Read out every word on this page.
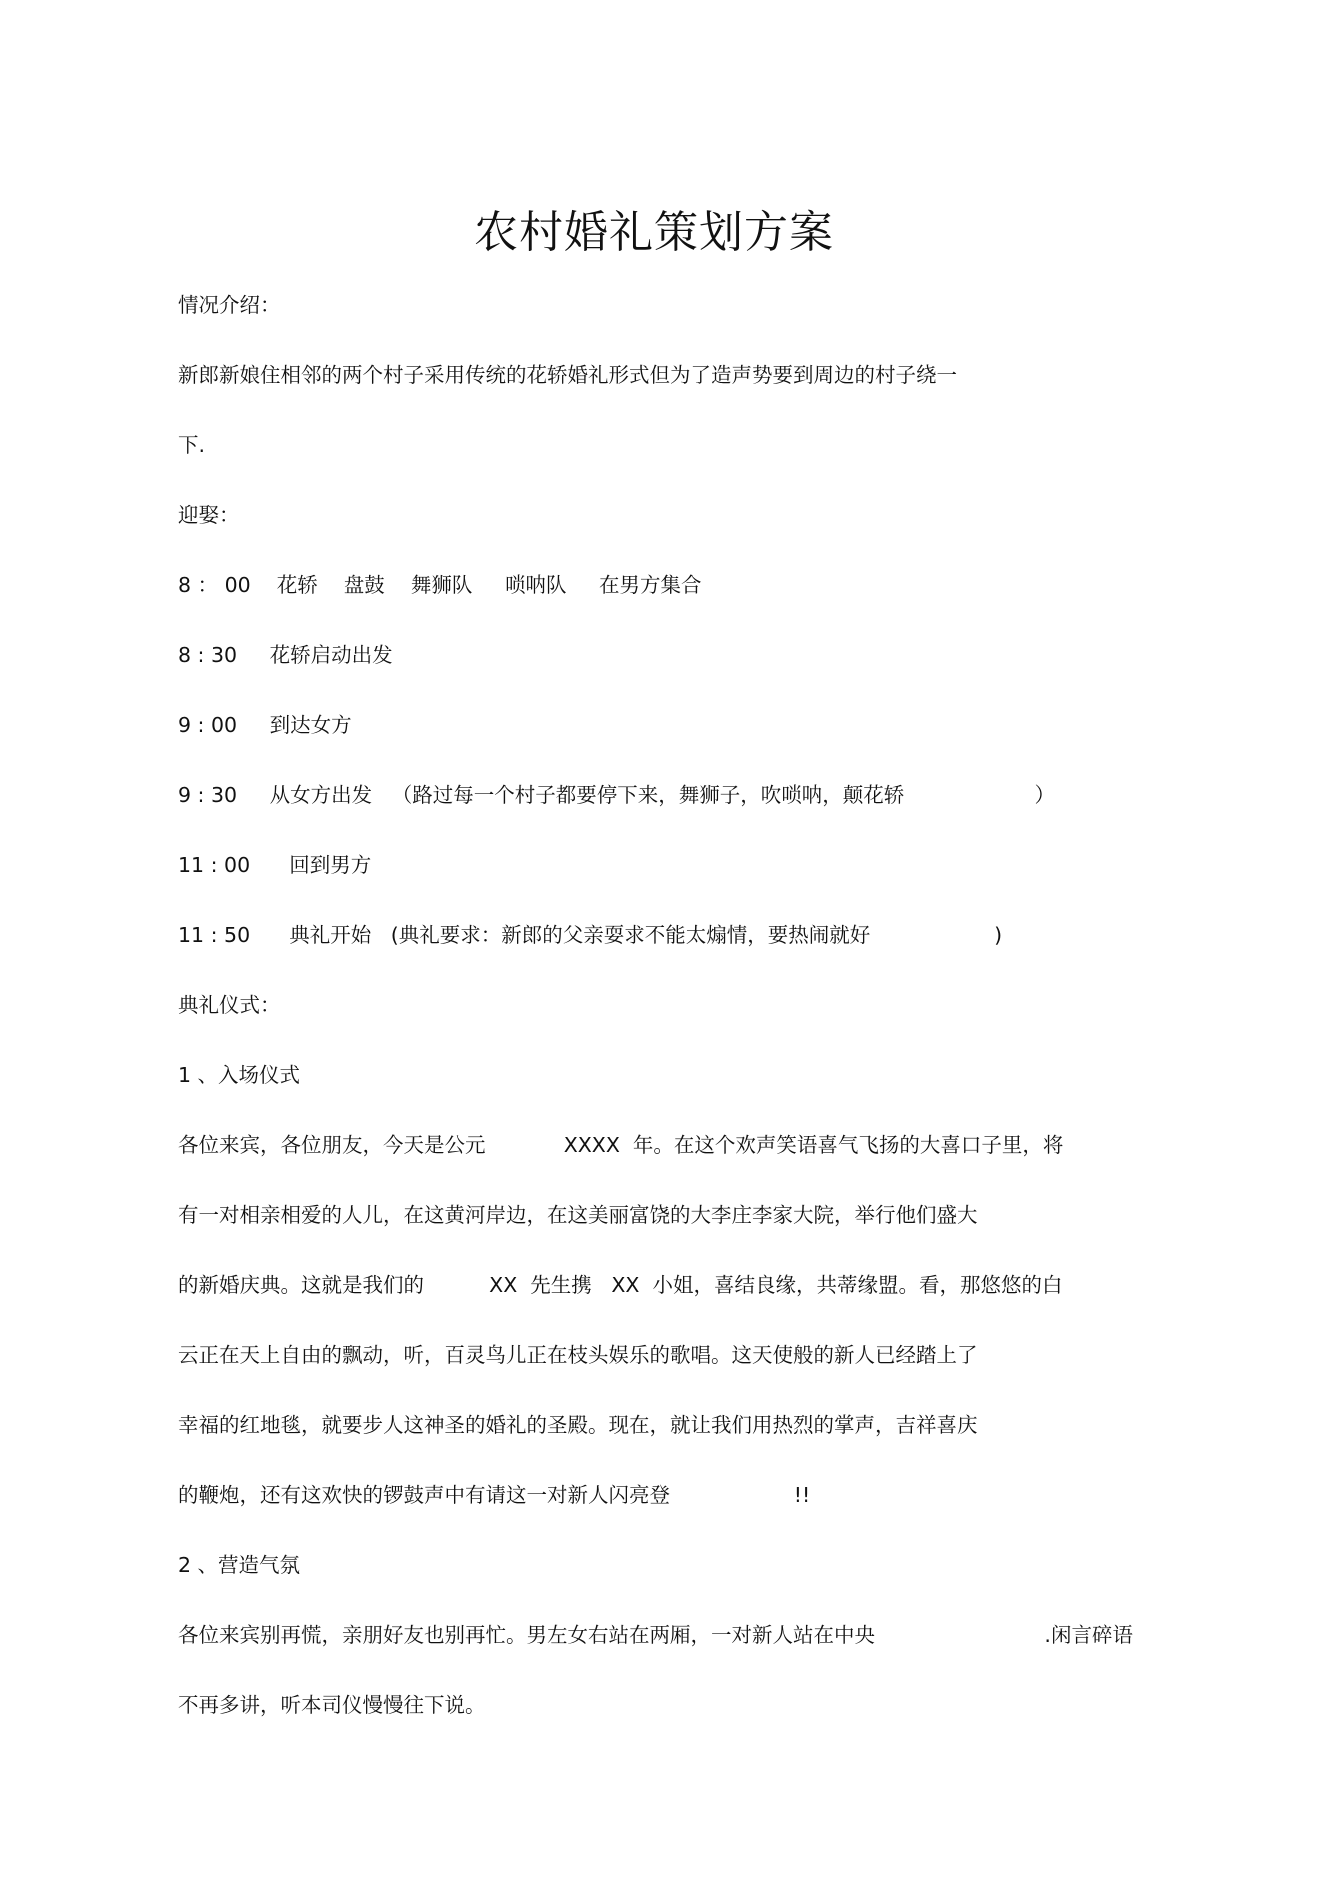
农村婚礼策划方案
情况介绍：
新郎新娘住相邻的两个村子采用传统的花轿婚礼形式但为了造声势要到周边的村子绕一
下.
迎娶：
8 ： 00    花轿    盘鼓    舞狮队     唢呐队     在男方集合
8 : 30     花轿启动出发
9 : 00     到达女方
9 : 30     从女方出发   （路过每一个村子都要停下来，舞狮子，吹唢呐，颠花轿                    ）
11 : 00      回到男方
11 : 50      典礼开始   (典礼要求：新郎的父亲耍求不能太煽情，要热闹就好                   )
典礼仪式：
1 、入场仪式
各位来宾，各位朋友，今天是公元            XXXX  年。在这个欢声笑语喜气飞扬的大喜口子里，将
有一对相亲相爱的人儿，在这黄河岸边，在这美丽富饶的大李庄李家大院，举行他们盛大
的新婚庆典。这就是我们的          XX  先生携   XX  小姐，喜结良缘，共蒂缘盟。看，那悠悠的白
云正在天上自由的飘动，听，百灵鸟儿正在枝头娱乐的歌唱。这天使般的新人已经踏上了
幸福的红地毯，就要步人这神圣的婚礼的圣殿。现在，就让我们用热烈的掌声，吉祥喜庆
的鞭炮，还有这欢快的锣鼓声中有请这一对新人闪亮登                   !!
2 、营造气氛
各位来宾别再慌，亲朋好友也别再忙。男左女右站在两厢，一对新人站在中央                          .闲言碎语
不再多讲，听本司仪慢慢往下说。
